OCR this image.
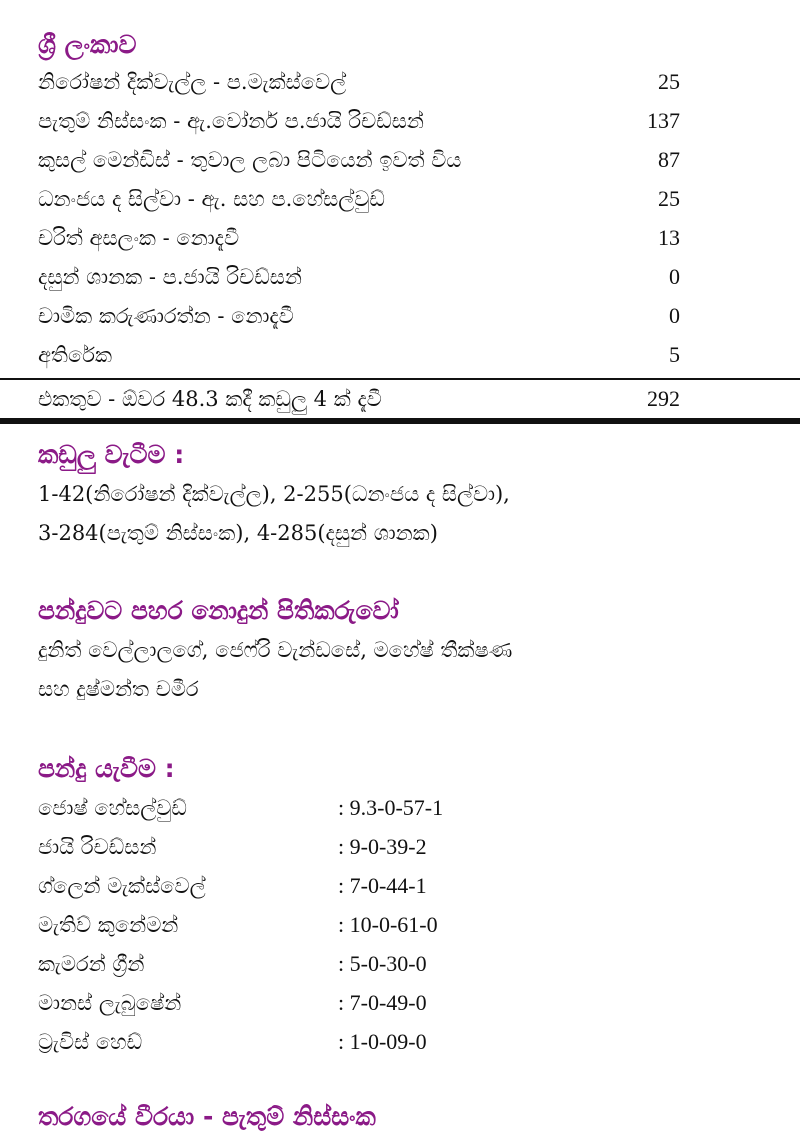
ශ්‍රී ලංකාව
නිරෝෂන් දික්වැල්ල - ප.මැක්ස්වෙල්	25
පැතුම් නිස්සංක - ඇ.වෝනර් ප.ජායි රිචඩ්සන්	137
කුසල් මෙන්ඩිස් - තුවාල ලබා පිටියෙන් ඉවත් විය	87
ධනංජය ද සිල්වා - ඇ. සහ ප.හේසල්වුඩ්	25
චරිත් අසලංක - නොදැවී	13
දසුන් ශානක - ප.ජායි රිචඩ්සන්	0
චාමික කරුණාරත්න - නොදැවී	0
අතිරේක	5
එකතුව - ඕවර 48.3 කදී කඩුලු 4 ක් දැවී	292
කඩුලු වැටීම :
1-42(නිරෝෂන් දික්වැල්ල), 2-255(ධනංජය ද සිල්වා),
3-284(පැතුම් නිස්සංක), 4-285(දසුන් ශානක)
පන්දුවට පහර නොදුන් පිතිකරුවෝ
දුනිත් වෙල්ලාලගේ, ජෙෆ්රි වැන්ඩසේ, මහේෂ් තීක්ෂණ
සහ දුෂ්මන්ත චමීර
පන්දු යැවීම :
ජොෂ් හේසල්වුඩ්	: 9.3-0-57-1
ජායි රිචඩ්සන්	: 9-0-39-2
ග්ලෙන් මැක්ස්වෙල්	: 7-0-44-1
මැතිව් කුනේමන්	: 10-0-61-0
කැමරන් ග්‍රීන්	: 5-0-30-0
මානස් ලැබුෂේන්	: 7-0-49-0
ට්‍රැවිස් හෙඩ්	: 1-0-09-0
තරගයේ වීරයා - පැතුම් නිස්සංක
